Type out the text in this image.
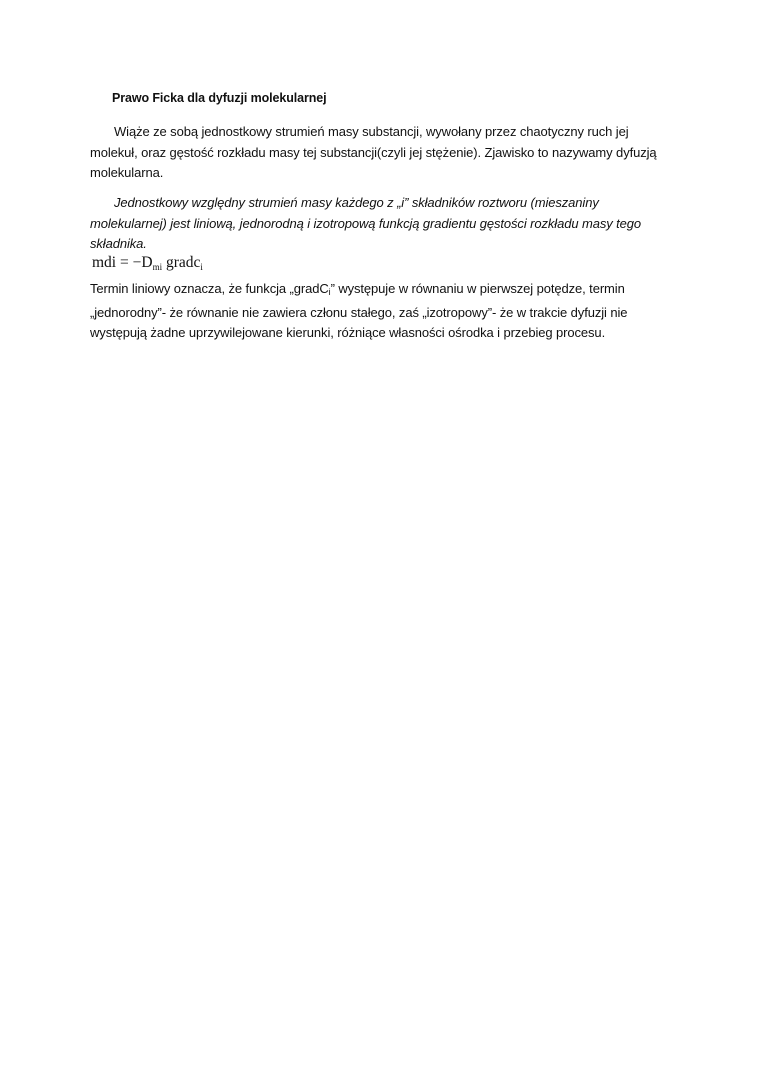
Prawo Ficka dla dyfuzji molekularnej

Wiąże ze sobą jednostkowy strumień masy substancji, wywołany przez chaotyczny ruch jej molekuł, oraz gęstość rozkładu masy tej substancji(czyli jej stężenie). Zjawisko to nazywamy dyfuzją molekularna.

Jednostkowy względny strumień masy każdego z „i” składników roztworu (mieszaniny molekularnej) jest liniową, jednorodną i izotropową funkcją gradientu gęstości rozkładu masy tego składnika.

mdi = $-D_{mi}$ gradc$_i$

Termin liniowy oznacza, że funkcja „gradC$_i$” występuje w równaniu w pierwszej potędze, termin „jednorodny”- że równanie nie zawiera członu stałego, zaś „izotropowy”- że w trakcie dyfuzji nie występują żadne uprzywilejowane kierunki, różniące własności ośrodka i przebieg procesu.
